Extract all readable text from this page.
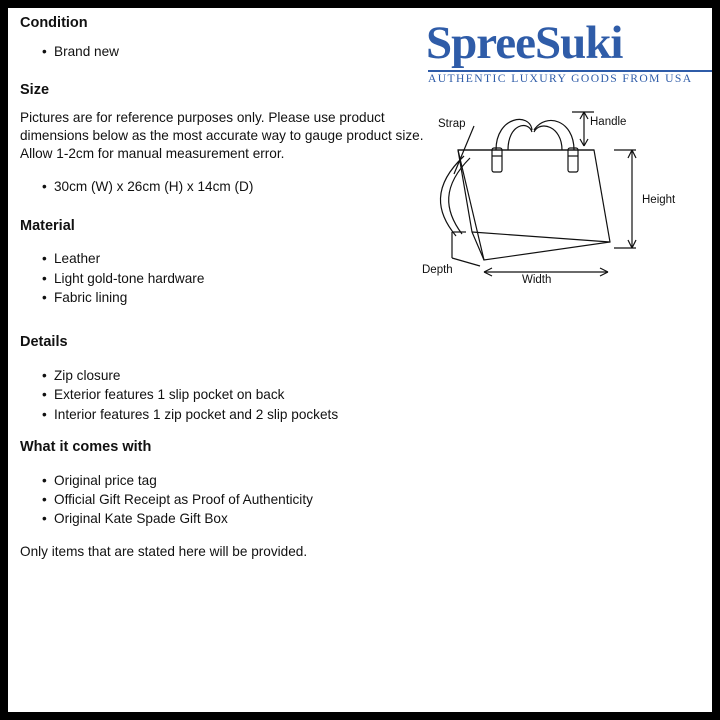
SpreeSuki
AUTHENTIC LUXURY GOODS FROM USA
Strap	Handle
Height
Depth
Width
Condition
• Brand new
Size

Pictures are for reference purposes only. Please use product dimensions below as the most accurate way to gauge product size. Allow 1-2cm for manual measurement error.

• 30cm (W) x 26cm (H) x 14cm (D)
Material
• Leather
• Light gold-tone hardware
• Fabric lining
Details
• Zip closure
• Exterior features 1 slip pocket on back
• Interior features 1 zip pocket and 2 slip pockets
What it comes with
• Original price tag
• Official Gift Receipt as Proof of Authenticity
• Original Kate Spade Gift Box

Only items that are stated here will be provided.
